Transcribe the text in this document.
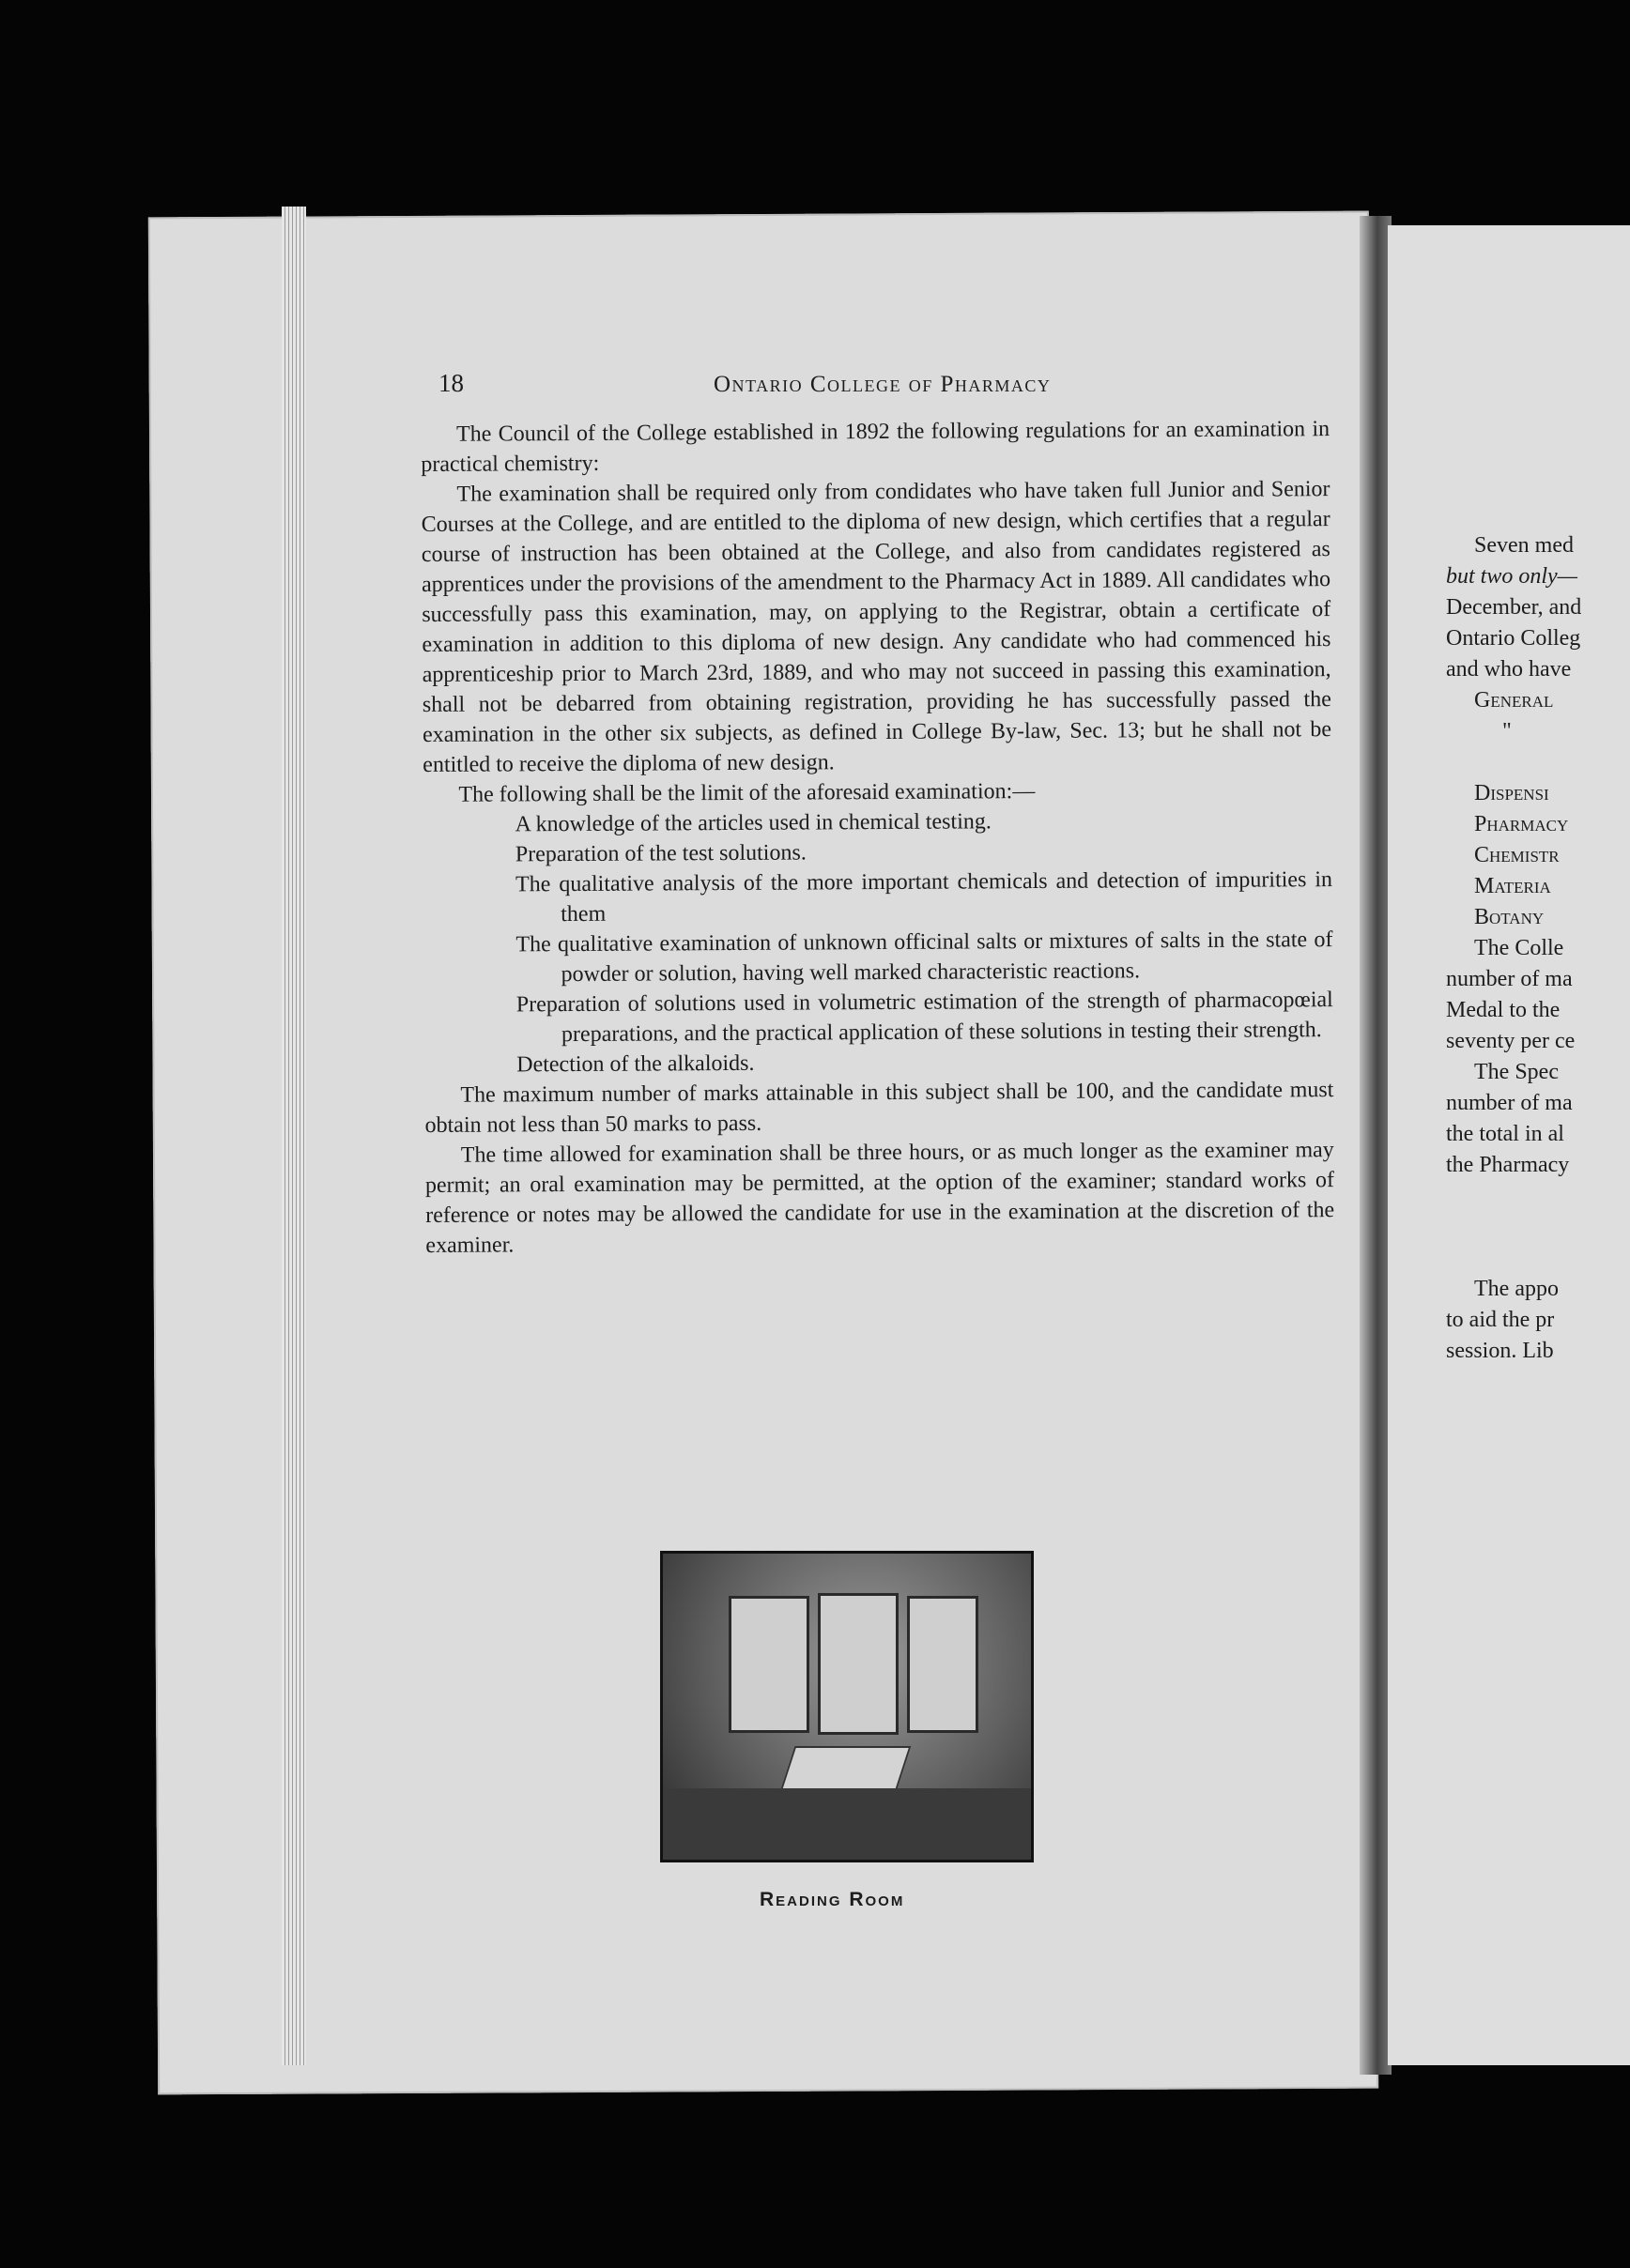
18	Ontario College of Pharmacy

The Council of the College established in 1892 the following regulations for an examination in practical chemistry:

The examination shall be required only from condidates who have taken full Junior and Senior Courses at the College, and are entitled to the diploma of new design, which certifies that a regular course of instruction has been obtained at the College, and also from candidates registered as apprentices under the provisions of the amendment to the Pharmacy Act in 1889. All candidates who successfully pass this examination, may, on applying to the Registrar, obtain a certificate of examination in addition to this diploma of new design. Any candidate who had commenced his apprenticeship prior to March 23rd, 1889, and who may not succeed in passing this examination, shall not be debarred from obtaining registration, providing he has successfully passed the examination in the other six subjects, as defined in College By-law, Sec. 13; but he shall not be entitled to receive the diploma of new design.

The following shall be the limit of the aforesaid examination:—

A knowledge of the articles used in chemical testing.
Preparation of the test solutions.
The qualitative analysis of the more important chemicals and detection of impurities in them
The qualitative examination of unknown officinal salts or mixtures of salts in the state of powder or solution, having well marked characteristic reactions.
Preparation of solutions used in volumetric estimation of the strength of pharmacopœial preparations, and the practical application of these solutions in testing their strength.
Detection of the alkaloids.

The maximum number of marks attainable in this subject shall be 100, and the candidate must obtain not less than 50 marks to pass.

The time allowed for examination shall be three hours, or as much longer as the examiner may permit; an oral examination may be permitted, at the option of the examiner; standard works of reference or notes may be allowed the candidate for use in the examination at the discretion of the examiner.

Reading Room
Seven med
but two only—
December, and
Ontario Colleg
and who have
General
"
Dispensi
Pharmacy
Chemistr
Materia
Botany
The Colle
number of ma
Medal to the
seventy per ce
The Spec
number of ma
the total in al
the Pharmacy
The appo
to aid the pr
session. Lib
